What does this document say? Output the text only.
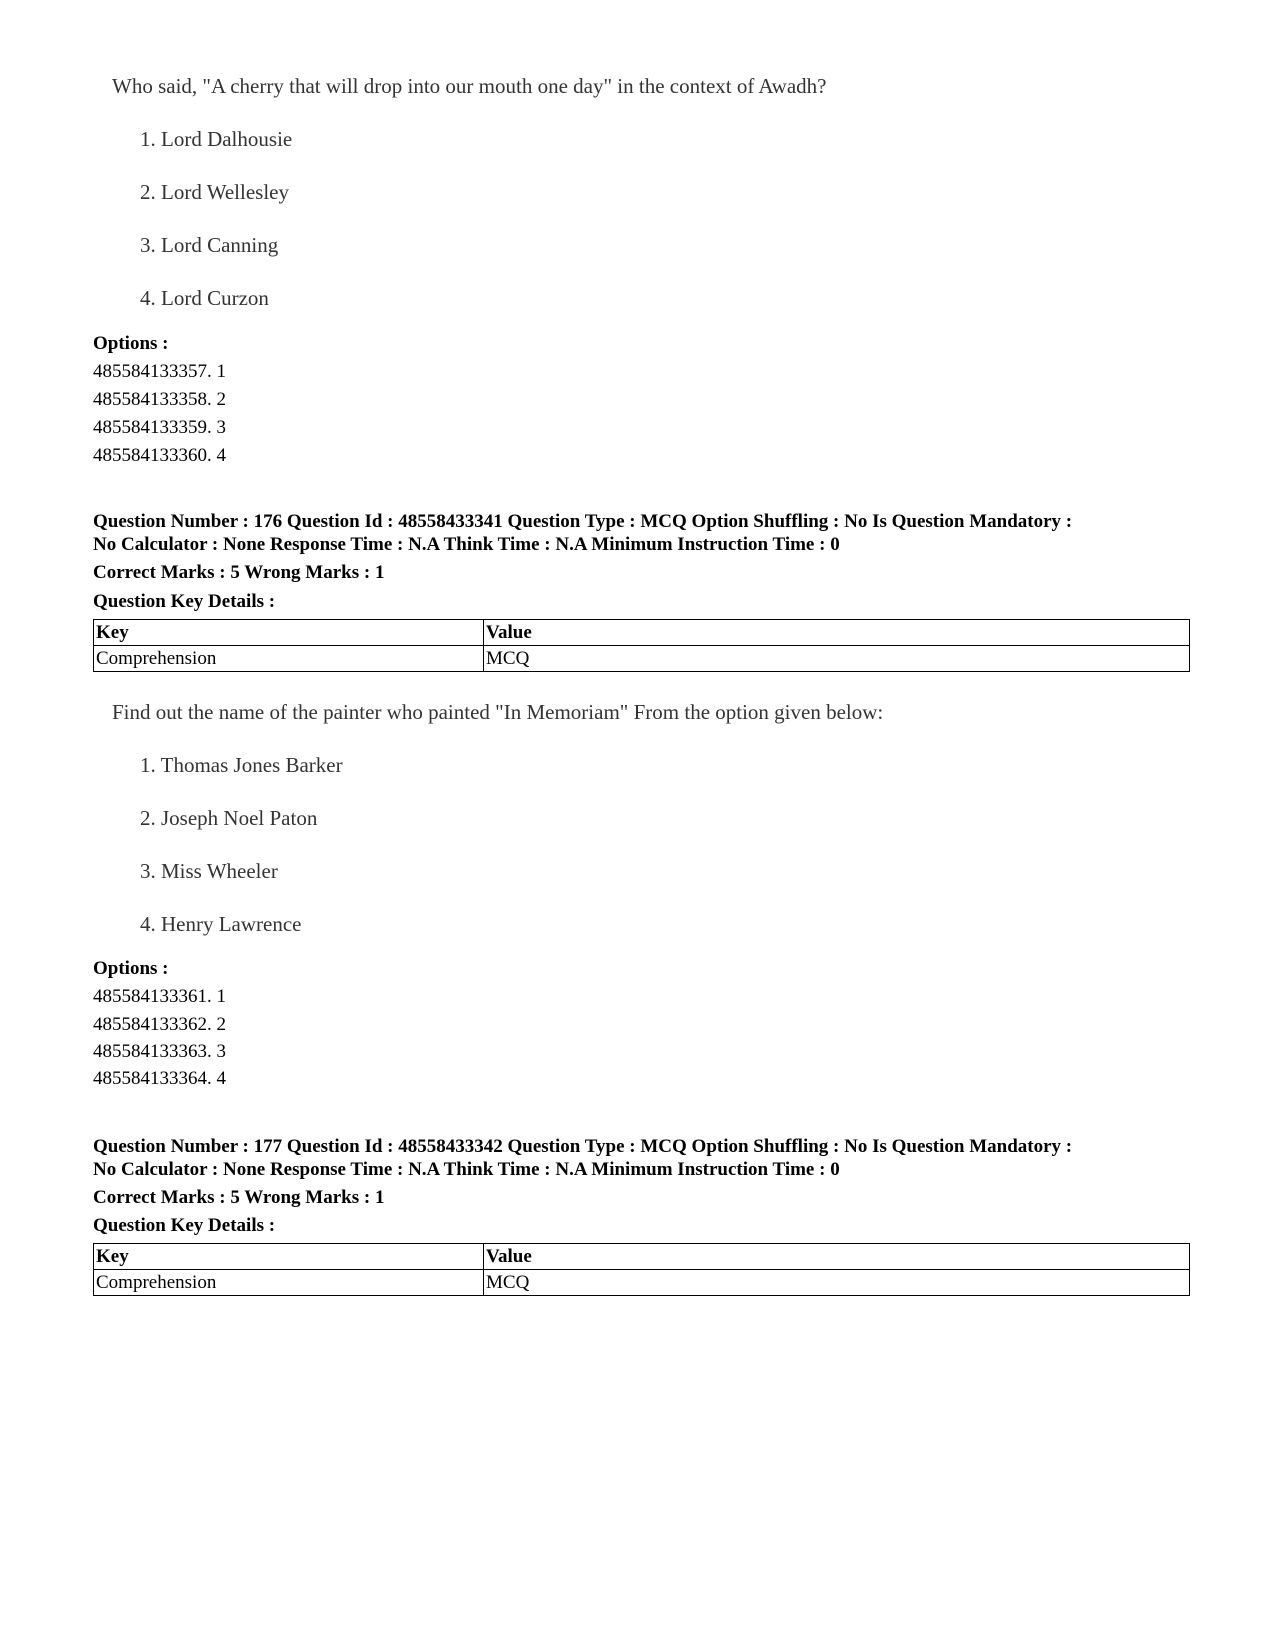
Who said, "A cherry that will drop into our mouth one day" in the context of Awadh?
1. Lord Dalhousie
2. Lord Wellesley
3. Lord Canning
4. Lord Curzon
Options :
485584133357. 1
485584133358. 2
485584133359. 3
485584133360. 4
Question Number : 176 Question Id : 48558433341 Question Type : MCQ Option Shuffling : No Is Question Mandatory :
No Calculator : None Response Time : N.A Think Time : N.A Minimum Instruction Time : 0
Correct Marks : 5 Wrong Marks : 1
Question Key Details :
Key	Value
Comprehension	MCQ
Find out the name of the painter who painted "In Memoriam" From the option given below:
1. Thomas Jones Barker
2. Joseph Noel Paton
3. Miss Wheeler
4. Henry Lawrence
Options :
485584133361. 1
485584133362. 2
485584133363. 3
485584133364. 4
Question Number : 177 Question Id : 48558433342 Question Type : MCQ Option Shuffling : No Is Question Mandatory :
No Calculator : None Response Time : N.A Think Time : N.A Minimum Instruction Time : 0
Correct Marks : 5 Wrong Marks : 1
Question Key Details :
Key	Value
Comprehension	MCQ
